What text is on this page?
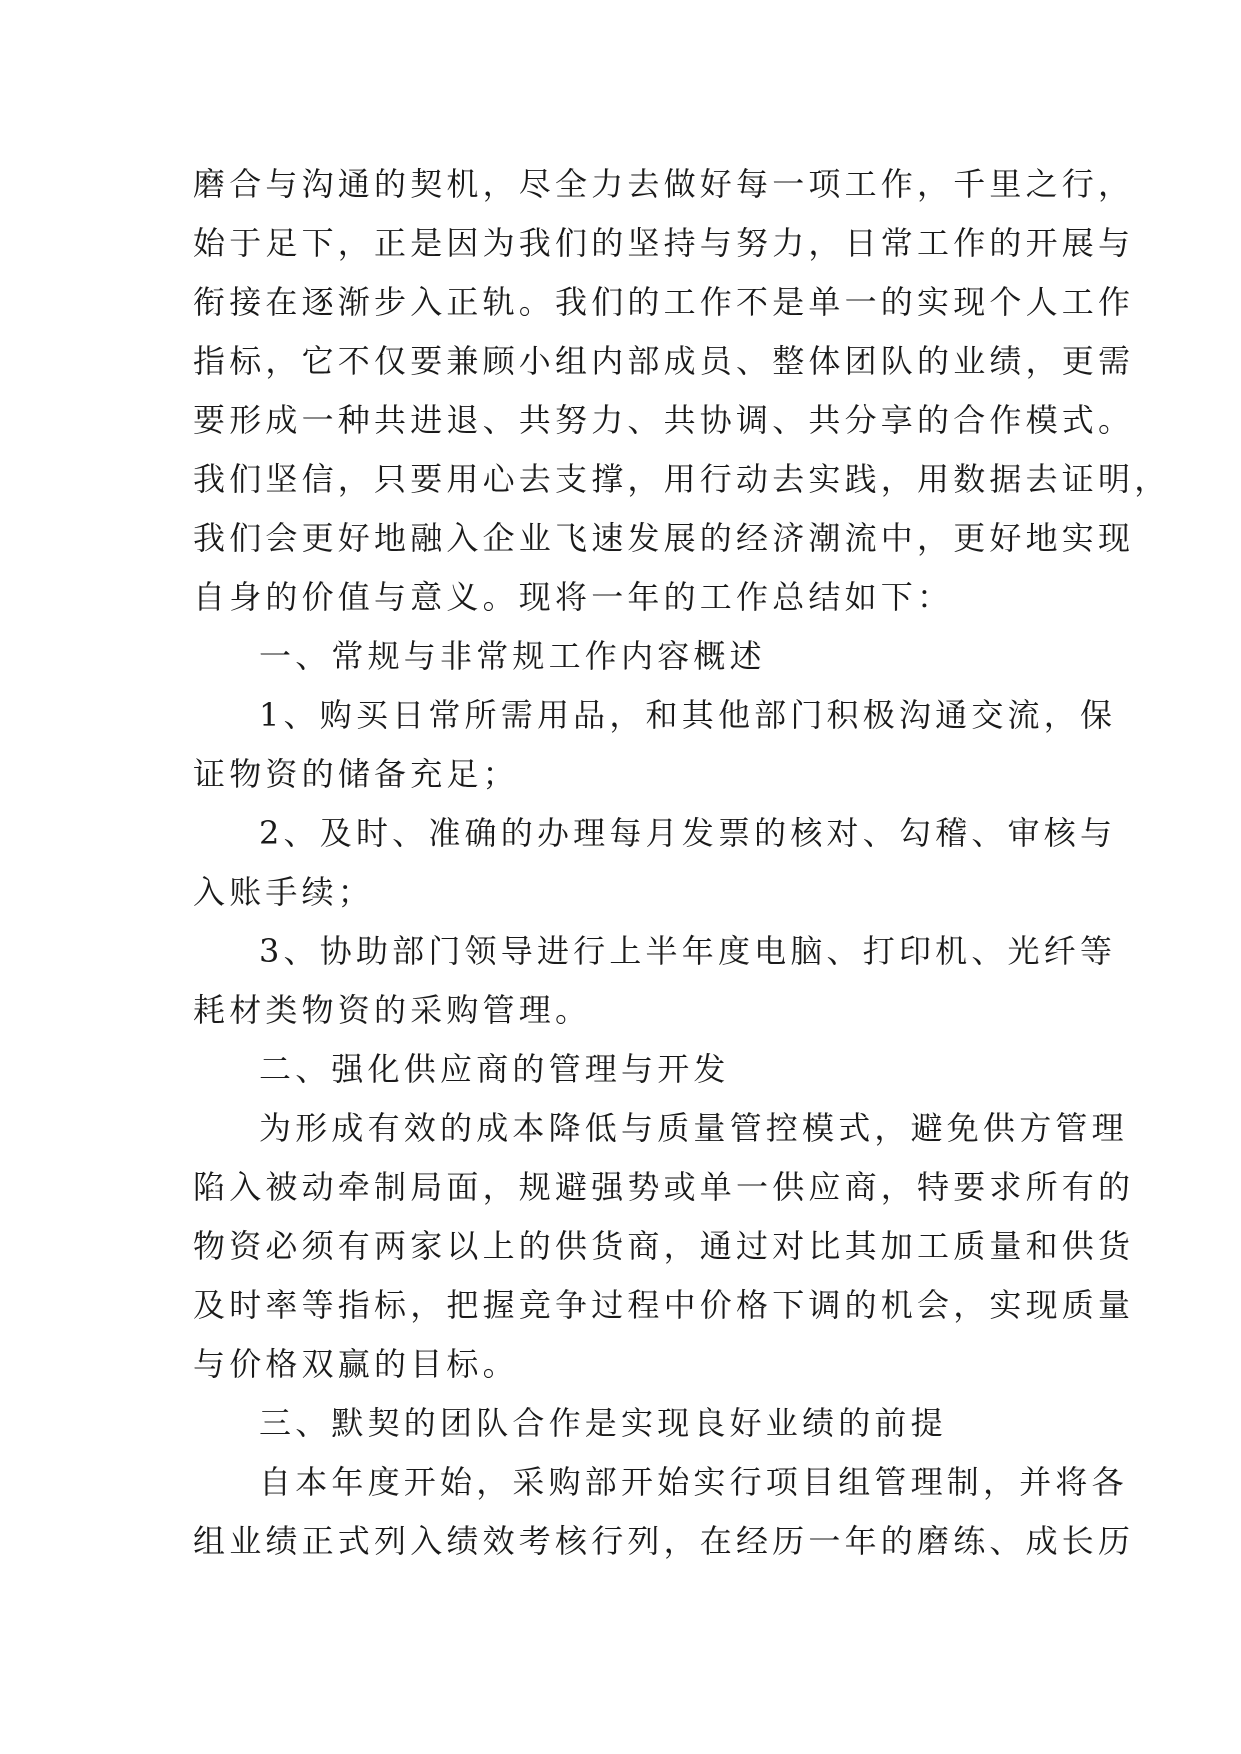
磨合与沟通的契机，尽全力去做好每一项工作，千里之行，
始于足下，正是因为我们的坚持与努力，日常工作的开展与
衔接在逐渐步入正轨。我们的工作不是单一的实现个人工作
指标，它不仅要兼顾小组内部成员、整体团队的业绩，更需
要形成一种共进退、共努力、共协调、共分享的合作模式。
我们坚信，只要用心去支撑，用行动去实践，用数据去证明，
我们会更好地融入企业飞速发展的经济潮流中，更好地实现
自身的价值与意义。现将一年的工作总结如下：
一、常规与非常规工作内容概述
1、购买日常所需用品，和其他部门积极沟通交流，保
证物资的储备充足；
2、及时、准确的办理每月发票的核对、勾稽、审核与
入账手续；
3、协助部门领导进行上半年度电脑、打印机、光纤等
耗材类物资的采购管理。
二、强化供应商的管理与开发
为形成有效的成本降低与质量管控模式，避免供方管理
陷入被动牵制局面，规避强势或单一供应商，特要求所有的
物资必须有两家以上的供货商，通过对比其加工质量和供货
及时率等指标，把握竞争过程中价格下调的机会，实现质量
与价格双赢的目标。
三、默契的团队合作是实现良好业绩的前提
自本年度开始，采购部开始实行项目组管理制，并将各
组业绩正式列入绩效考核行列，在经历一年的磨练、成长历
